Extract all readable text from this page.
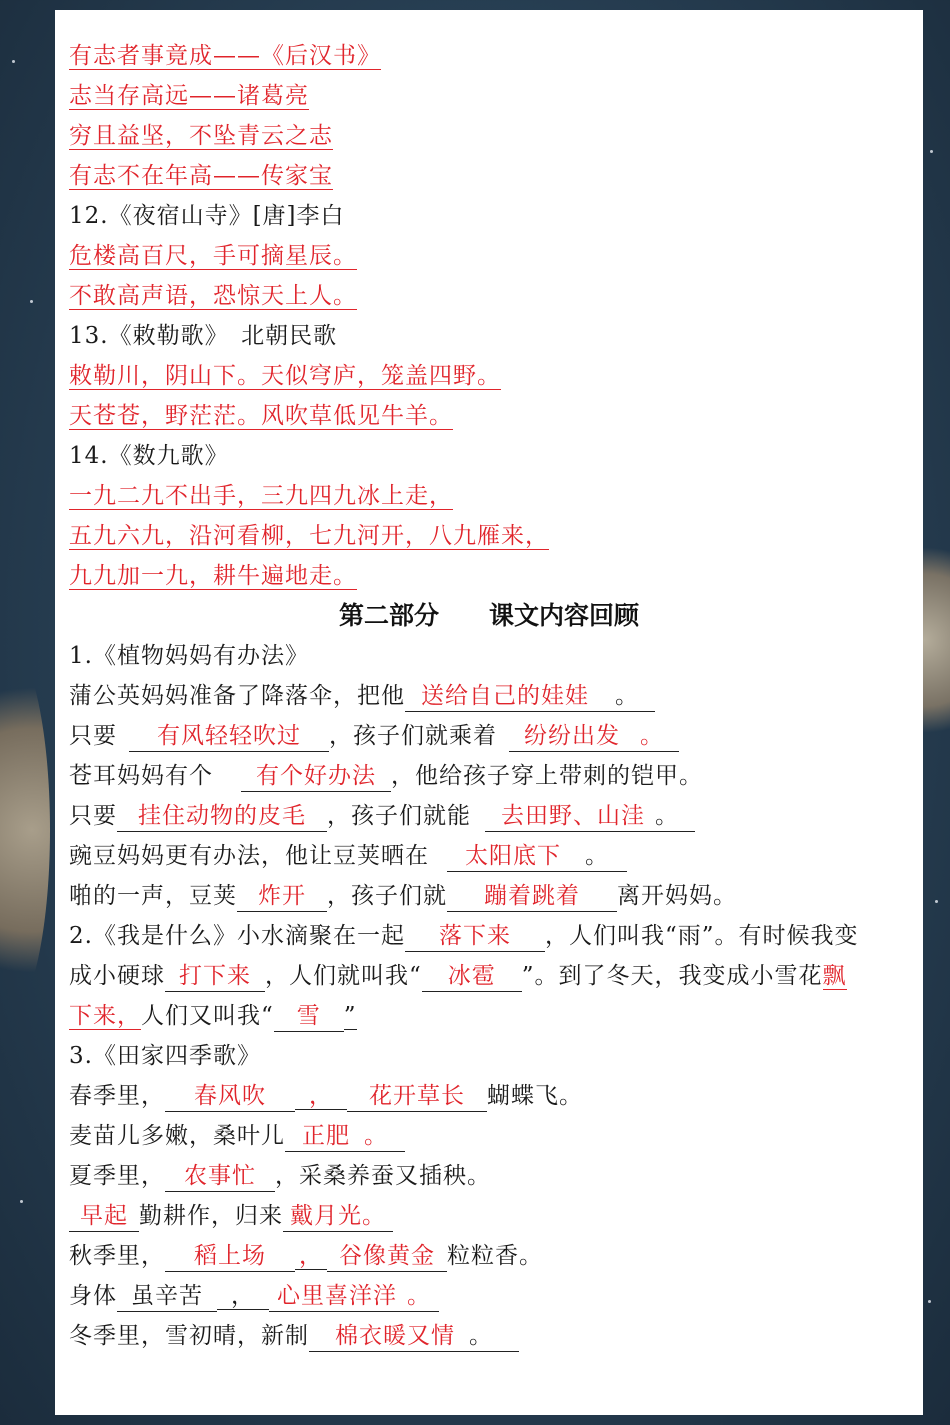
有志者事竟成——《后汉书》
志当存高远——诸葛亮
穷且益坚，不坠青云之志
有志不在年高——传家宝
12.《夜宿山寺》[唐]李白
危楼高百尺，手可摘星辰。
不敢高声语，恐惊天上人。
13.《敕勒歌》　北朝民歌
敕勒川，阴山下。天似穹庐，笼盖四野。
天苍苍，野茫茫。风吹草低见牛羊。
14.《数九歌》
一九二九不出手，三九四九冰上走，
五九六九，沿河看柳，七九河开，八九雁来，
九九加一九，耕牛遍地走。
第二部分　　课文内容回顾
1.《植物妈妈有办法》
蒲公英妈妈准备了降落伞，把他 送给自己的娃娃 。
只要 有风轻轻吹过 ，孩子们就乘着 纷纷出发 。
苍耳妈妈有个 有个好办法 ，他给孩子穿上带刺的铠甲。
只要 挂住动物的皮毛 ，孩子们就能 去田野、山洼 。
豌豆妈妈更有办法，他让豆荚晒在 太阳底下 。
啪的一声，豆荚 炸开 ，孩子们就 蹦着跳着 离开妈妈。
2.《我是什么》小水滴聚在一起 落下来 ，人们叫我“雨”。有时候我变
成小硬球 打下来 ，人们就叫我“ 冰雹 ”。到了冬天，我变成小雪花飘
下来，人们又叫我“ 雪 ”
3.《田家四季歌》
春季里， 春风吹 ， 花开草长 蝴蝶飞。
麦苗儿多嫩，桑叶儿 正肥 。
夏季里， 农事忙 ，采桑养蚕又插秧。
早起 勤耕作，归来 戴月光。
秋季里， 稻上场 ， 谷像黄金 粒粒香。
身体 虽辛苦 ， 心里喜洋洋 。
冬季里，雪初晴，新制 棉衣暖又情 。
